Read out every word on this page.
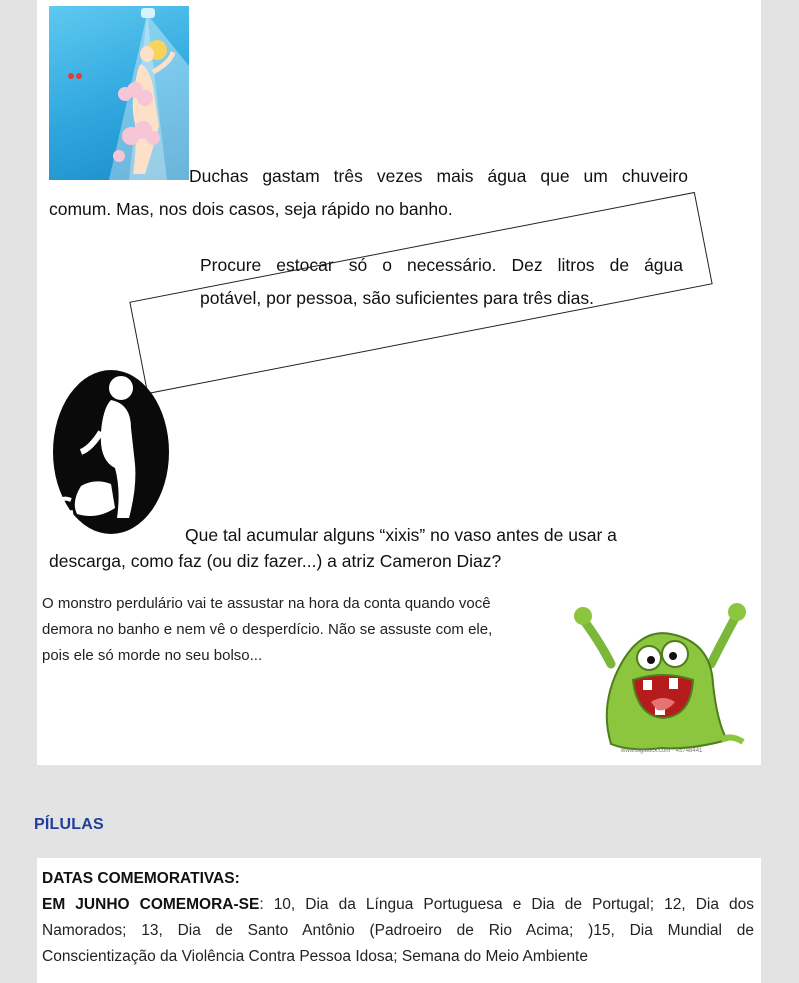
Duchas gastam três vezes mais água que um chuveiro
comum. Mas, nos dois casos, seja rápido no banho.
Procure estocar só o necessário. Dez litros de água
potável, por pessoa, são suficientes para três dias.
Que tal acumular alguns “xixis” no vaso antes de usar a
descarga, como faz (ou diz fazer...) a atriz Cameron Diaz?
O monstro perdulário vai te assustar na hora da conta quando você
demora no banho e nem vê o desperdício. Não se assuste com ele,
pois ele só morde no seu bolso...
www.bigstock.com · 45748441
PÍLULAS
DATAS COMEMORATIVAS:
EM JUNHO COMEMORA-SE: 10, Dia da Língua Portuguesa e Dia de Portugal; 12, Dia dos
Namorados; 13, Dia de Santo Antônio (Padroeiro de Rio Acima; )15, Dia Mundial de
Conscientização da Violência Contra Pessoa Idosa; Semana do Meio Ambiente
